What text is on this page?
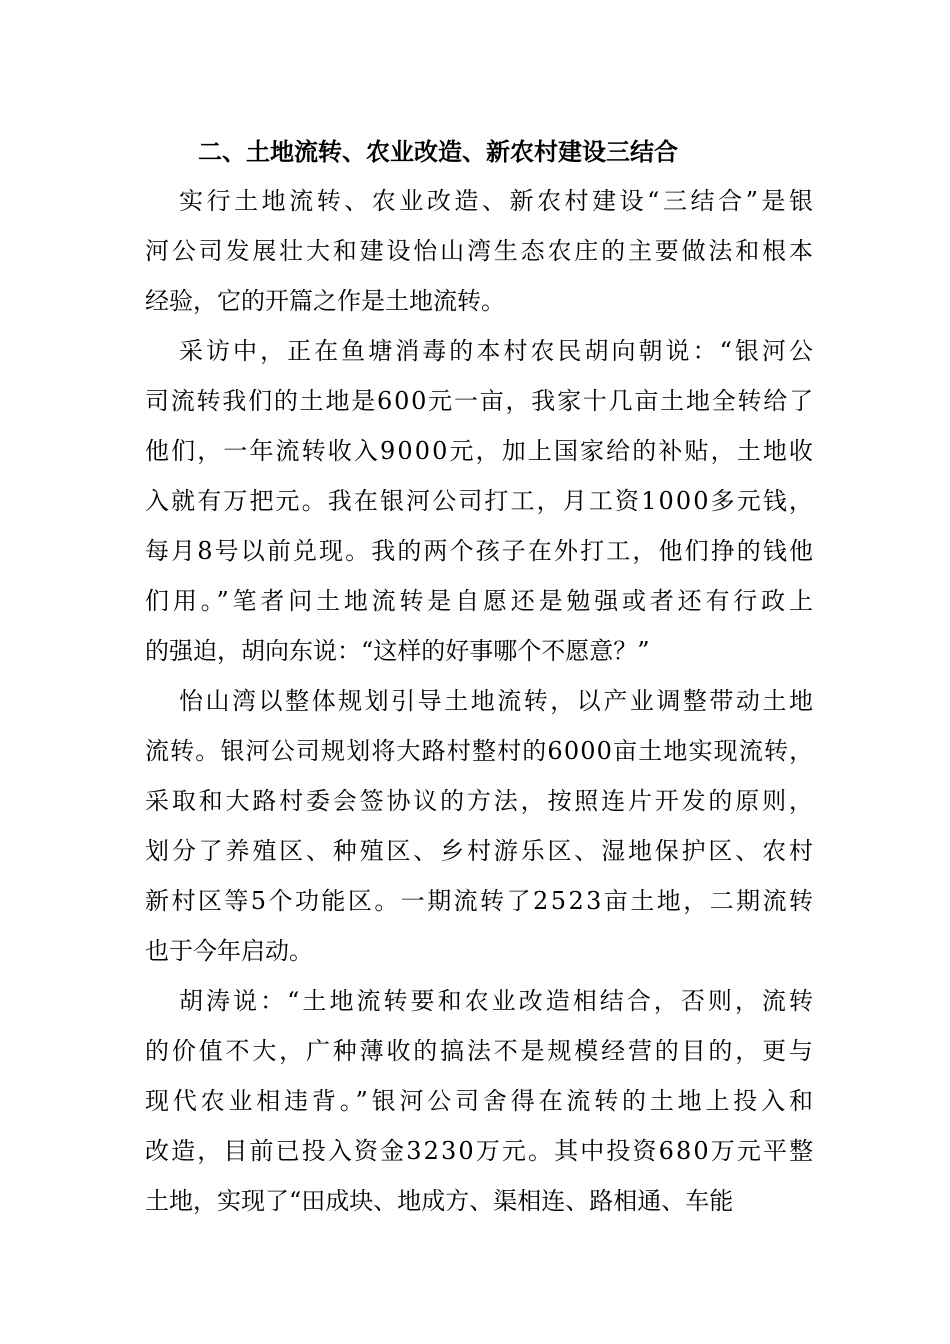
二、土地流转、农业改造、新农村建设三结合

实行土地流转、农业改造、新农村建设“三结合”是银

河公司发展壮大和建设怡山湾生态农庄的主要做法和根本

经验，它的开篇之作是土地流转。

采访中，正在鱼塘消毒的本村农民胡向朝说：“银河公

司流转我们的土地是600元一亩，我家十几亩土地全转给了

他们，一年流转收入9000元，加上国家给的补贴，土地收

入就有万把元。我在银河公司打工，月工资1000多元钱，

每月8号以前兑现。我的两个孩子在外打工，他们挣的钱他

们用。”笔者问土地流转是自愿还是勉强或者还有行政上

的强迫，胡向东说：“这样的好事哪个不愿意？”

怡山湾以整体规划引导土地流转，以产业调整带动土地

流转。银河公司规划将大路村整村的6000亩土地实现流转，

采取和大路村委会签协议的方法，按照连片开发的原则，

划分了养殖区、种殖区、乡村游乐区、湿地保护区、农村

新村区等5个功能区。一期流转了2523亩土地，二期流转

也于今年启动。

胡涛说：“土地流转要和农业改造相结合，否则，流转

的价值不大，广种薄收的搞法不是规模经营的目的，更与

现代农业相违背。”银河公司舍得在流转的土地上投入和

改造，目前已投入资金3230万元。其中投资680万元平整

土地，实现了“田成块、地成方、渠相连、路相通、车能
